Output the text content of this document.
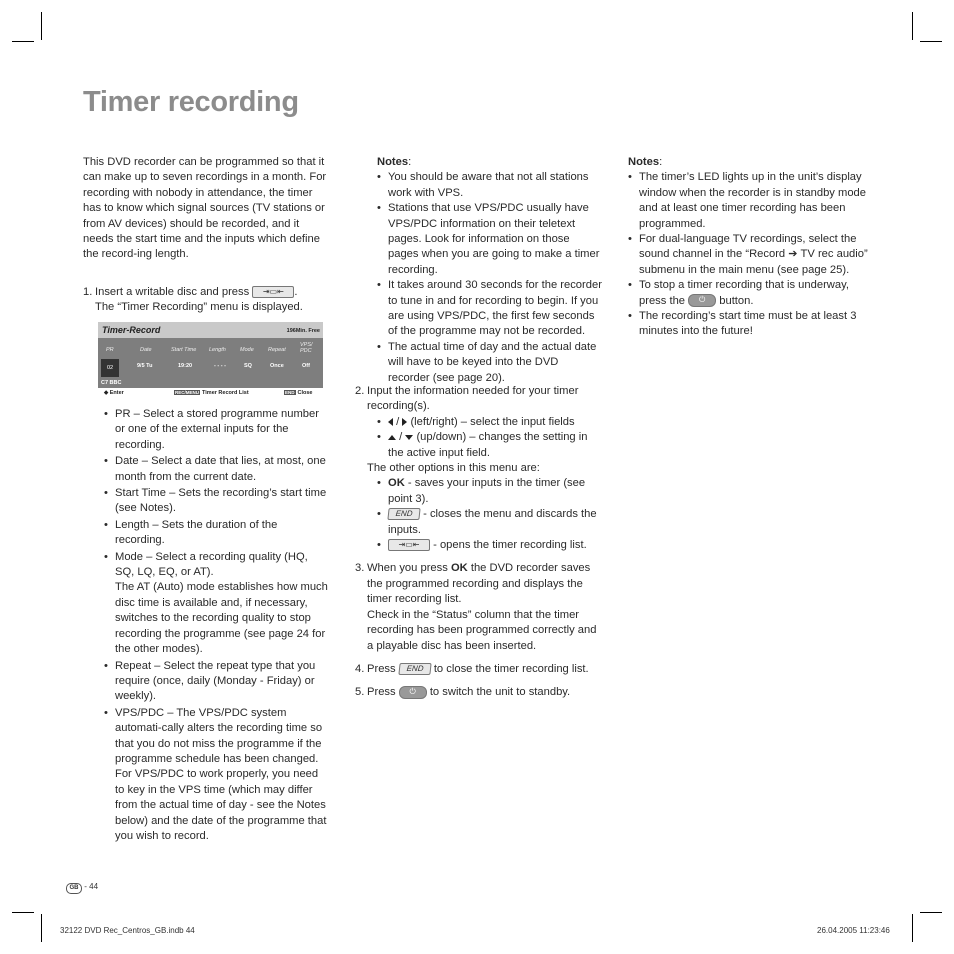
Timer recording

This DVD recorder can be programmed so that it can make up to seven recordings in a month. For recording with nobody in attendance, the timer has to know which signal sources (TV stations or from AV devices) should be recorded, and it needs the start time and the inputs which define the record-ing length.

1. Insert a writable disc and press ⇥▭⇤ .
The “Timer Recording” menu is displayed.
Timer-Record	196Min. Free
PR	Date	Start Time Length	Mode	Repeat
VPS/ PDC
02	9/5 Tu	19:20	- - - -	SQ	Once	Off
C7 BBC
◆ Enter	REC/MENU Timer Record List	END Close
• PR – Select a stored programme number or one of the external inputs for the recording.
• Date – Select a date that lies, at most, one month from the current date.
• Start Time – Sets the recording’s start time (see Notes).
• Length – Sets the duration of the recording.
• Mode – Select a recording quality (HQ, SQ, LQ, EQ, or AT).
The AT (Auto) mode establishes how much disc time is available and, if necessary, switches to the recording quality to stop recording the programme (see page 24 for the other modes).
• Repeat – Select the repeat type that you require (once, daily (Monday - Friday) or weekly).
• VPS/PDC – The VPS/PDC system automati-cally alters the recording time so that you do not miss the programme if the programme schedule has been changed. For VPS/PDC to work properly, you need to key in the VPS time (which may differ from the actual time of day - see the Notes below) and the date of the programme that you wish to record.

Notes:

• You should be aware that not all stations work with VPS.
• Stations that use VPS/PDC usually have VPS/PDC information on their teletext pages. Look for information on those pages when you are going to make a timer recording.
• It takes around 30 seconds for the recorder to tune in and for recording to begin. If you are using VPS/PDC, the first few seconds of the programme may not be recorded.
• The actual time of day and the actual date will have to be keyed into the DVD recorder (see page 20).
2. Input the information needed for your timer recording(s).
• /  (left/right) – select the input fields
• /  (up/down) – changes the setting in the active input field.
The other options in this menu are:
• OK - saves your inputs in the timer (see point 3).
• END - closes the menu and discards the inputs.
• ⇥▭⇤ - opens the timer recording list.
3. When you press OK the DVD recorder saves the programmed recording and displays the timer recording list.
Check in the “Status” column that the timer recording has been programmed correctly and a playable disc has been inserted.
4. Press END to close the timer recording list.
5. Press ⏻ to switch the unit to standby.

Notes:

• The timer’s LED lights up in the unit’s display window when the recorder is in standby mode and at least one timer recording has been programmed.
• For dual-language TV recordings, select the sound channel in the “Record ➔ TV rec audio” submenu in the main menu (see page 25).
• To stop a timer recording that is underway, press the ⏻ button.
• The recording’s start time must be at least 3 minutes into the future!
GB - 44
32122 DVD Rec_Centros_GB.indb 44	26.04.2005 11:23:46
